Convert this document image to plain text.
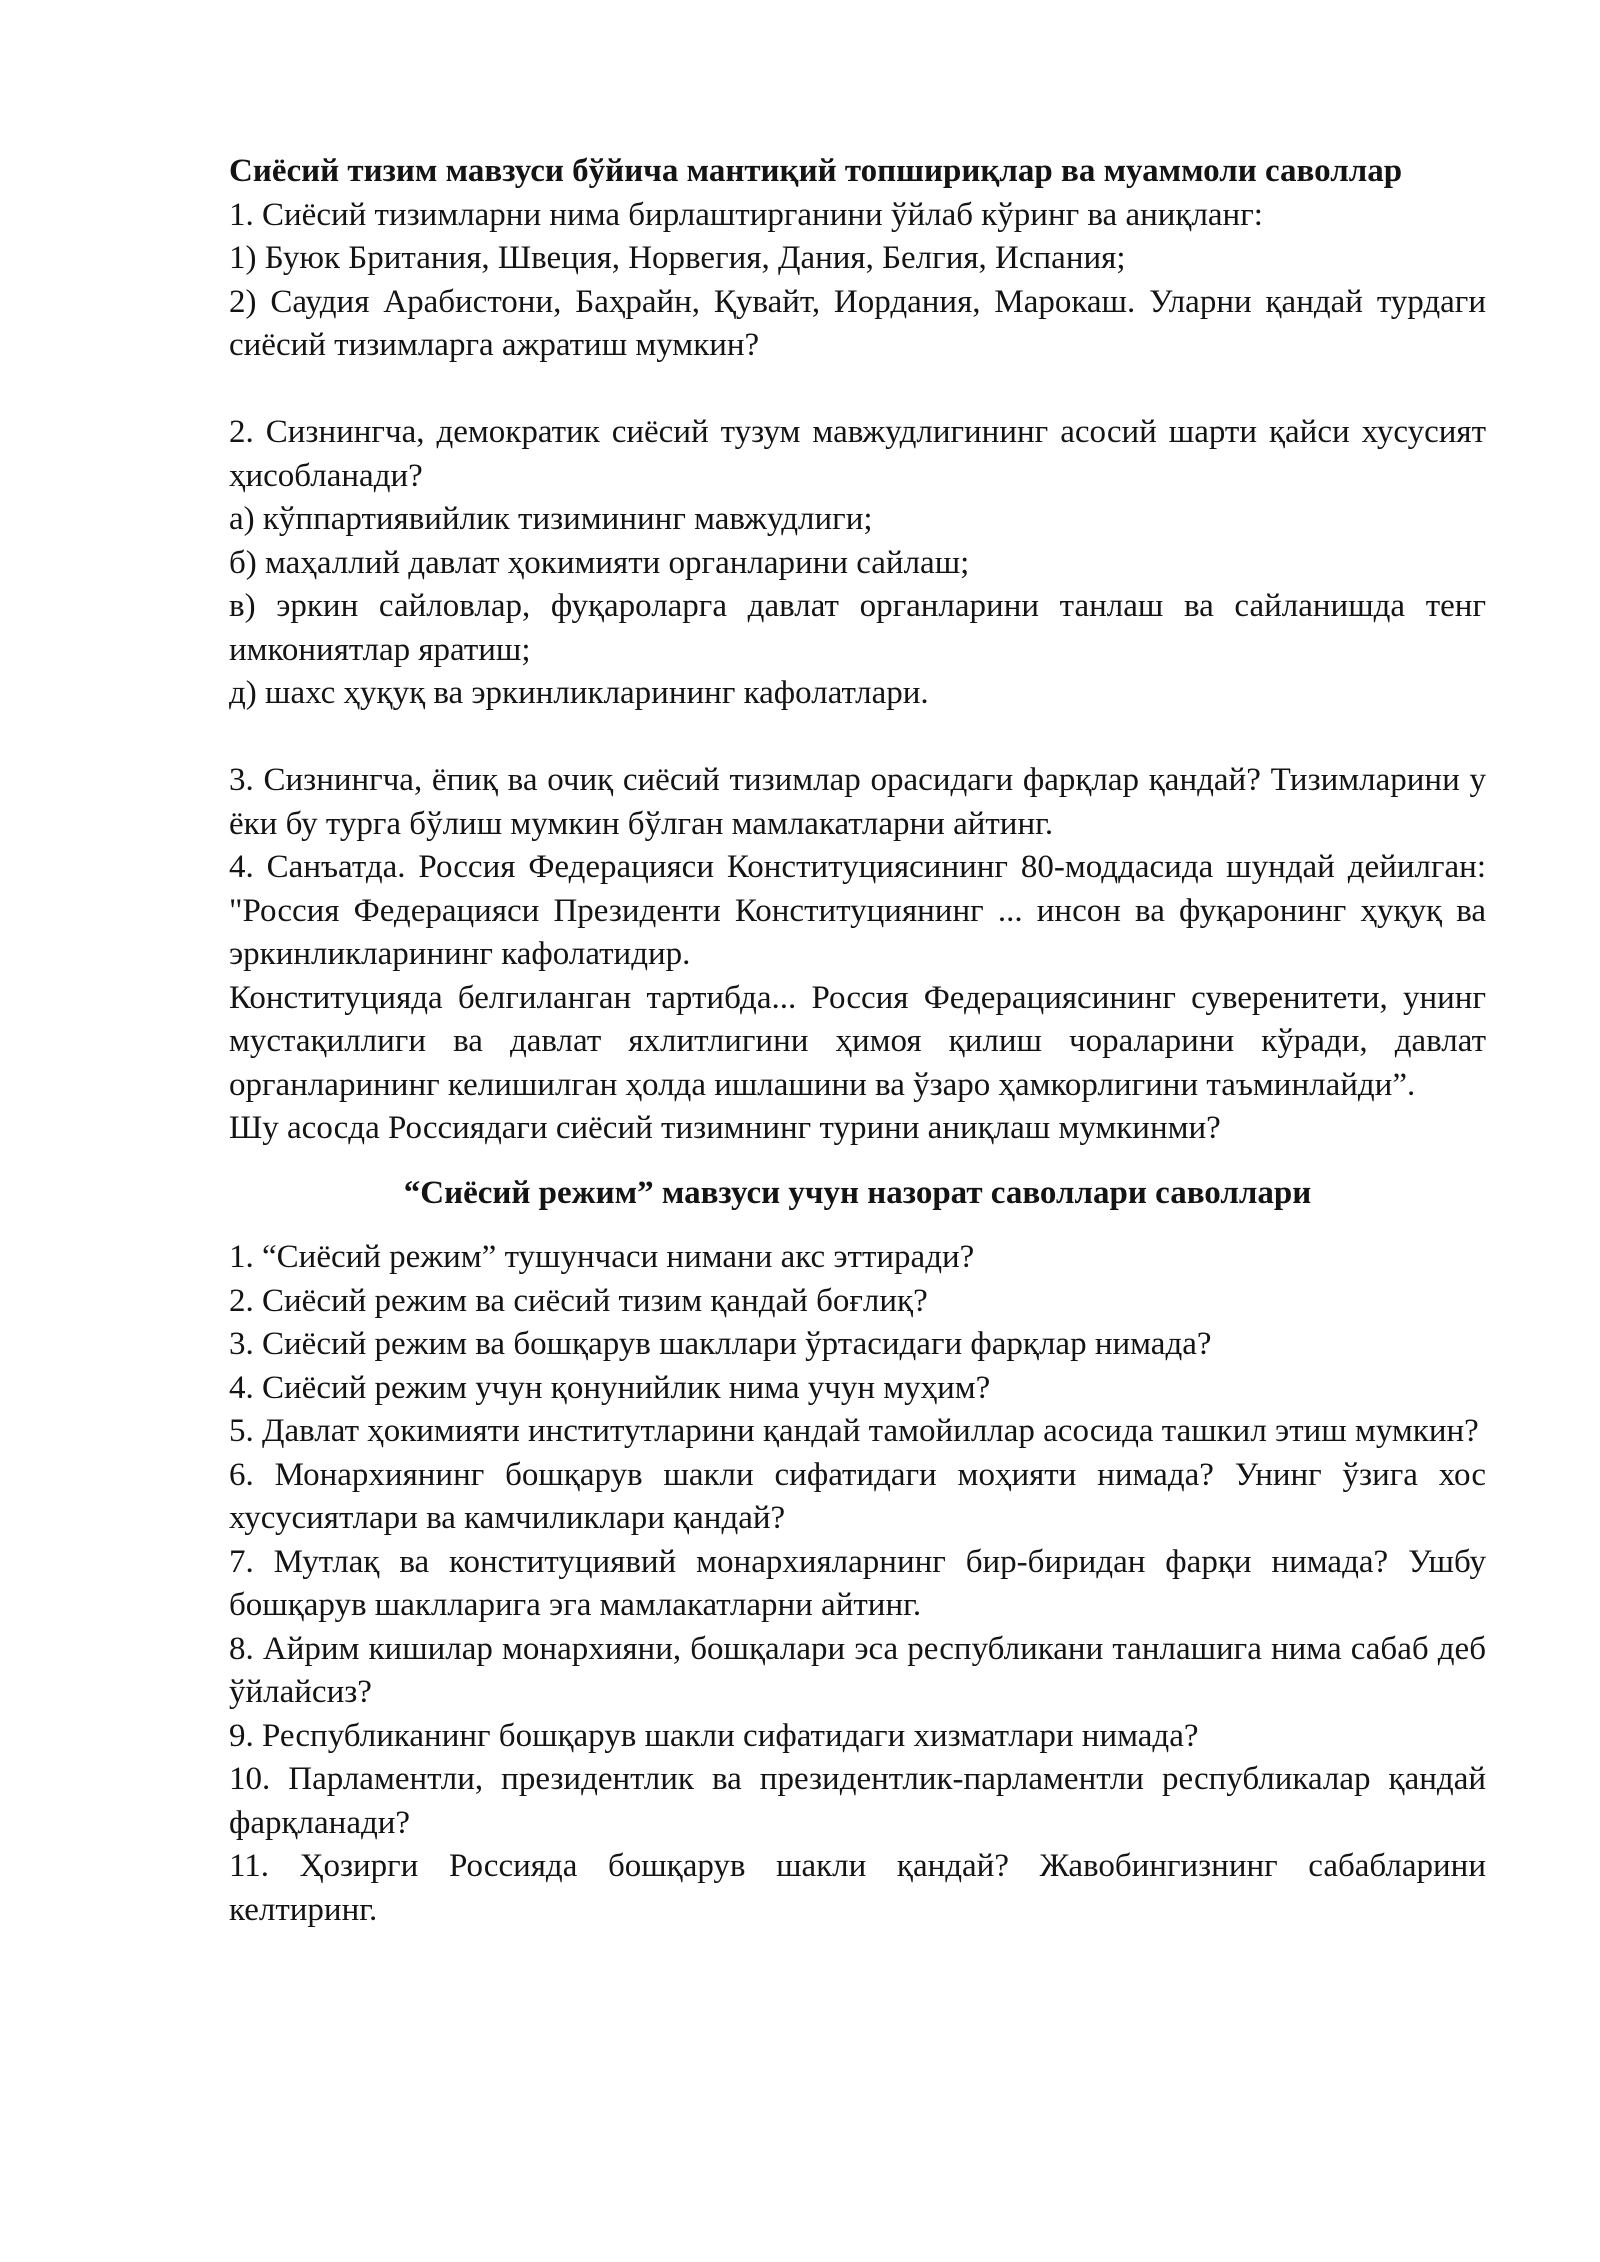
Сиёсий тизим мавзуси бўйича мантиқий топшириқлар ва муаммоли саволлар

1. Сиёсий тизимларни нима бирлаштирганини ўйлаб кўринг ва аниқланг:

1) Буюк Британия, Швеция, Норвегия, Дания, Белгия, Испания;

2) Саудия Арабистони, Баҳрайн, Қувайт, Иордания, Марокаш. Уларни қандай турдаги сиёсий тизимларга ажратиш мумкин?

2. Сизнингча, демократик сиёсий тузум мавжудлигининг асосий шарти қайси хусусият ҳисобланади?

а) кўппартиявийлик тизимининг мавжудлиги;

б) маҳаллий давлат ҳокимияти органларини сайлаш;

в) эркин сайловлар, фуқароларга давлат органларини танлаш ва сайланишда тенг имкониятлар яратиш;

д) шахс ҳуқуқ ва эркинликларининг кафолатлари.

3. Сизнингча, ёпиқ ва очиқ сиёсий тизимлар орасидаги фарқлар қандай? Тизимларини у ёки бу турга бўлиш мумкин бўлган мамлакатларни айтинг.

4. Санъатда. Россия Федерацияси Конституциясининг 80-моддасида шундай дейилган: "Россия Федерацияси Президенти Конституциянинг ... инсон ва фуқаронинг ҳуқуқ ва эркинликларининг кафолатидир.

Конституцияда белгиланган тартибда... Россия Федерациясининг суверенитети, унинг мустақиллиги ва давлат яхлитлигини ҳимоя қилиш чораларини кўради, давлат органларининг келишилган ҳолда ишлашини ва ўзаро ҳамкорлигини таъминлайди”.

Шу асосда Россиядаги сиёсий тизимнинг турини аниқлаш мумкинми?

“Сиёсий режим” мавзуси учун назорат саволлари саволлари

1. “Сиёсий режим” тушунчаси нимани акс эттиради?

2. Сиёсий режим ва сиёсий тизим қандай боғлиқ?

3. Сиёсий режим ва бошқарув шакллари ўртасидаги фарқлар нимада?

4. Сиёсий режим учун қонунийлик нима учун муҳим?

5. Давлат ҳокимияти институтларини қандай тамойиллар асосида ташкил этиш мумкин?

6. Монархиянинг бошқарув шакли сифатидаги моҳияти нимада? Унинг ўзига хос хусусиятлари ва камчиликлари қандай?

7. Мутлақ ва конституциявий монархияларнинг бир-биридан фарқи нимада? Ушбу бошқарув шаклларига эга мамлакатларни айтинг.

8. Айрим кишилар монархияни, бошқалари эса республикани танлашига нима сабаб деб ўйлайсиз?

9. Республиканинг бошқарув шакли сифатидаги хизматлари нимада?

10. Парламентли, президентлик ва президентлик-парламентли республикалар қандай фарқланади?

11. Ҳозирги Россияда бошқарув шакли қандай? Жавобингизнинг сабабларини келтиринг.
